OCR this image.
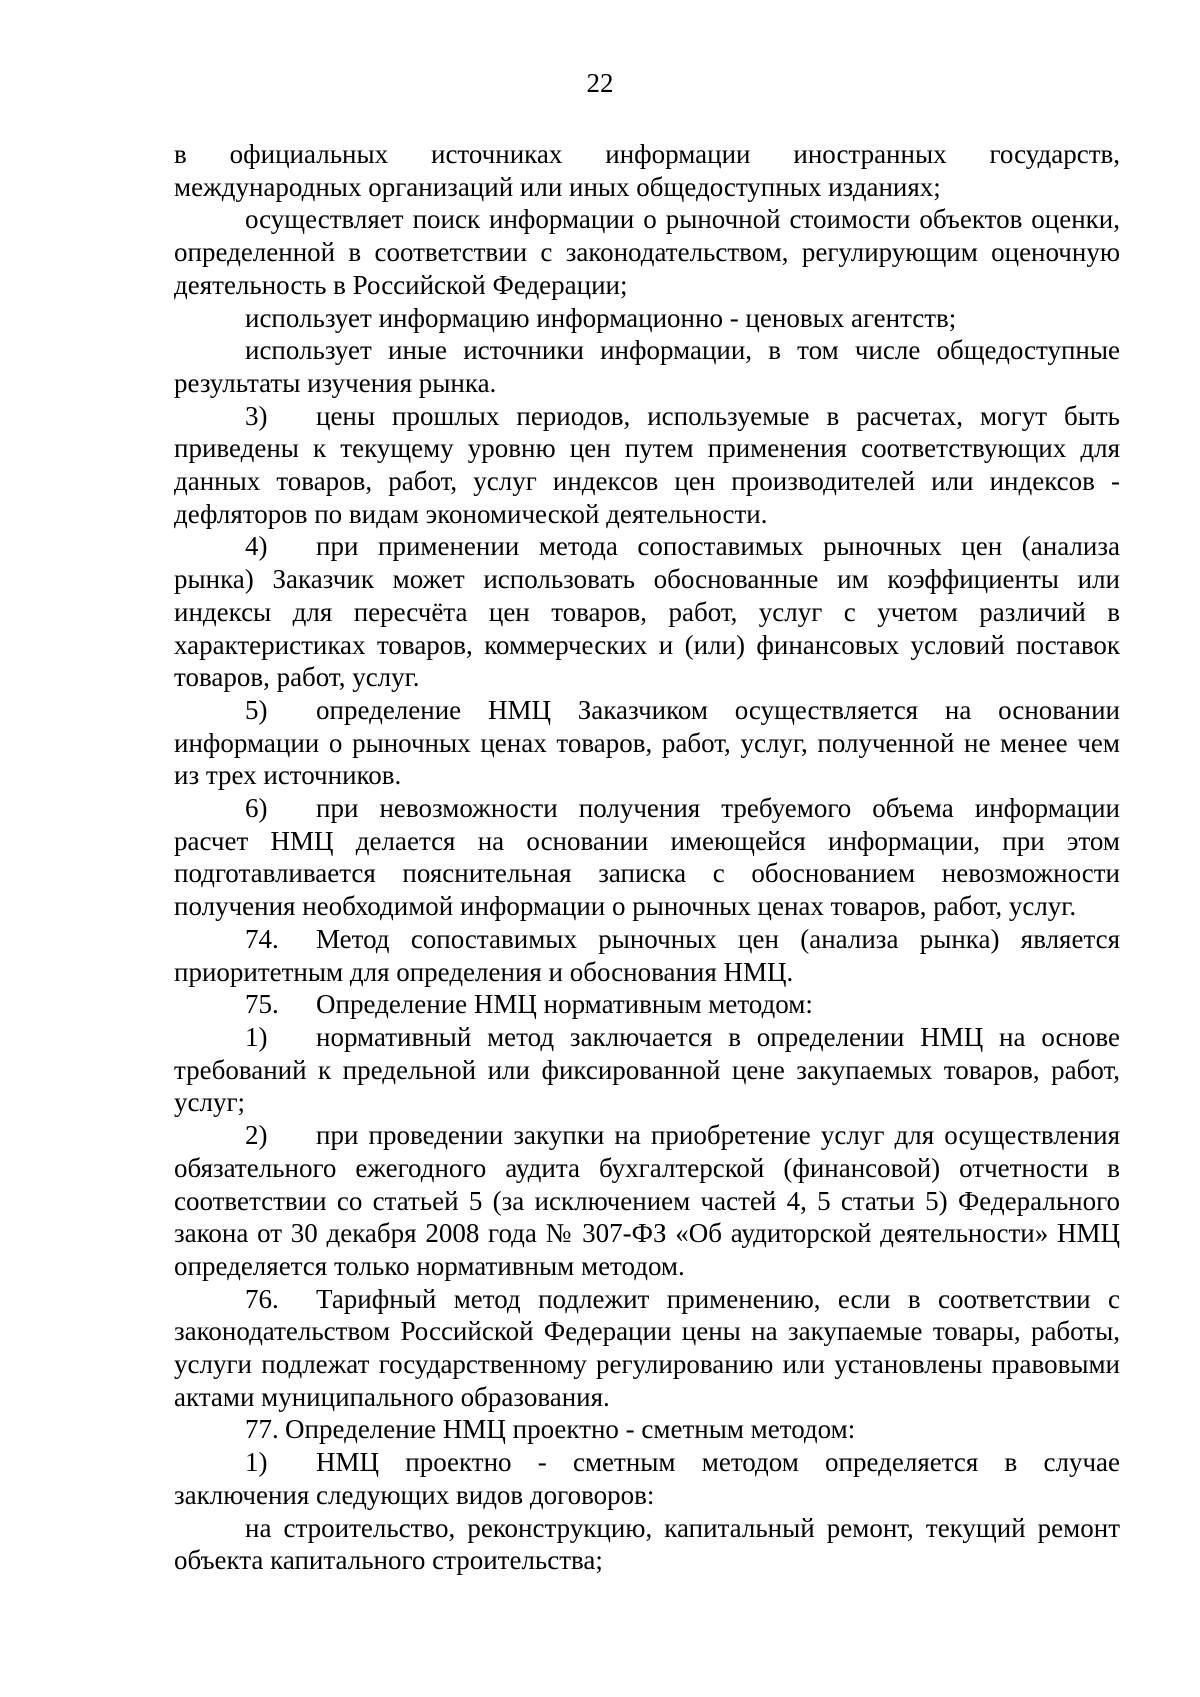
22

в официальных источниках информации иностранных государств, международных организаций или иных общедоступных изданиях;

осуществляет поиск информации о рыночной стоимости объектов оценки, определенной в соответствии с законодательством, регулирующим оценочную деятельность в Российской Федерации;

использует информацию информационно - ценовых агентств;

использует иные источники информации, в том числе общедоступные результаты изучения рынка.

3) цены прошлых периодов, используемые в расчетах, могут быть приведены к текущему уровню цен путем применения соответствующих для данных товаров, работ, услуг индексов цен производителей или индексов - дефляторов по видам экономической деятельности.

4) при применении метода сопоставимых рыночных цен (анализа рынка) Заказчик может использовать обоснованные им коэффициенты или индексы для пересчёта цен товаров, работ, услуг с учетом различий в характеристиках товаров, коммерческих и (или) финансовых условий поставок товаров, работ, услуг.

5) определение НМЦ Заказчиком осуществляется на основании информации о рыночных ценах товаров, работ, услуг, полученной не менее чем из трех источников.

6) при невозможности получения требуемого объема информации расчет НМЦ делается на основании имеющейся информации, при этом подготавливается пояснительная записка с обоснованием невозможности получения необходимой информации о рыночных ценах товаров, работ, услуг.

74. Метод сопоставимых рыночных цен (анализа рынка) является приоритетным для определения и обоснования НМЦ.

75. Определение НМЦ нормативным методом:

1) нормативный метод заключается в определении НМЦ на основе требований к предельной или фиксированной цене закупаемых товаров, работ, услуг;

2) при проведении закупки на приобретение услуг для осуществления обязательного ежегодного аудита бухгалтерской (финансовой) отчетности в соответствии со статьей 5 (за исключением частей 4, 5 статьи 5) Федерального закона от 30 декабря 2008 года № 307-ФЗ «Об аудиторской деятельности» НМЦ определяется только нормативным методом.

76. Тарифный метод подлежит применению, если в соответствии с законодательством Российской Федерации цены на закупаемые товары, работы, услуги подлежат государственному регулированию или установлены правовыми актами муниципального образования.

77. Определение НМЦ проектно - сметным методом:

1) НМЦ проектно - сметным методом определяется в случае заключения следующих видов договоров:

на строительство, реконструкцию, капитальный ремонт, текущий ремонт объекта капитального строительства;
